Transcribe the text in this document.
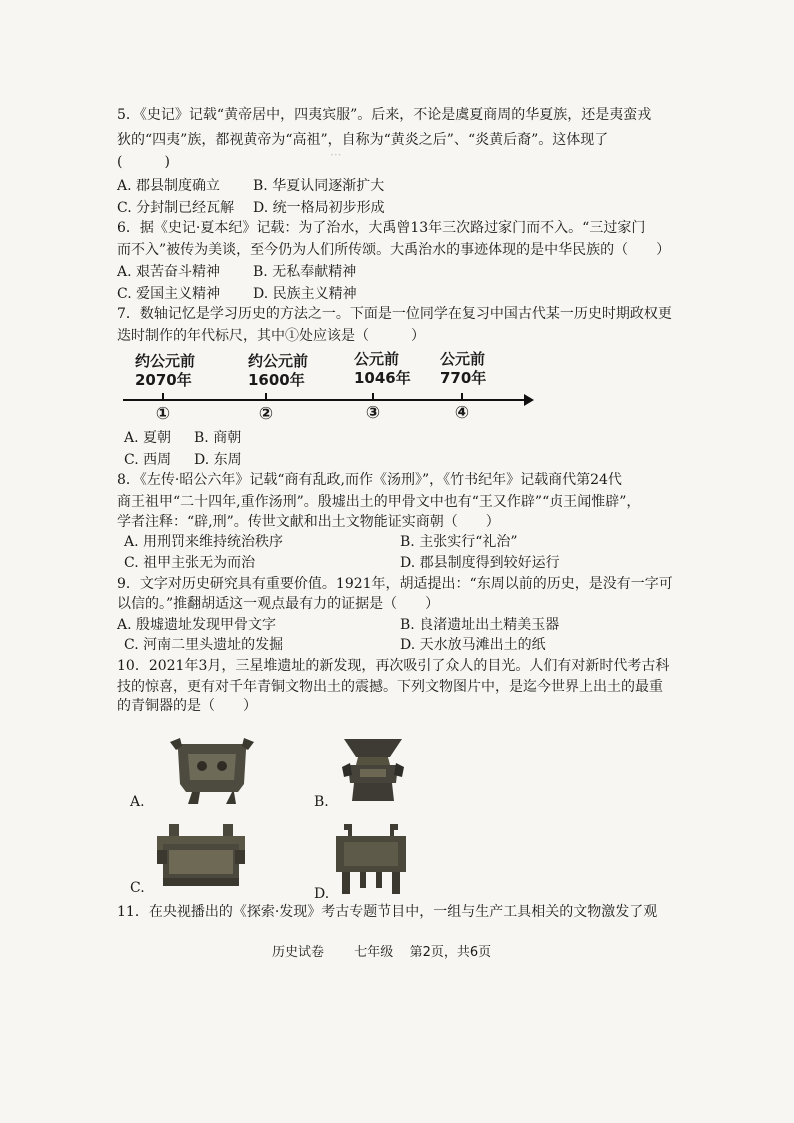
···
5．《史记》记载“黄帝居中，四夷宾服”。后来，不论是虞夏商周的华夏族，还是夷蛮戎
狄的“四夷”族，都视黄帝为“高祖”，自称为“黄炎之后”、“炎黄后裔”。这体现了
(　　　)
A. 郡县制度确立 B. 华夏认同逐渐扩大
C. 分封制已经瓦解 D. 统一格局初步形成
6．据《史记·夏本纪》记载：为了治水，大禹曾13年三次路过家门而不入。“三过家门
而不入”被传为美谈，至今仍为人们所传颂。大禹治水的事迹体现的是中华民族的（　　）
A. 艰苦奋斗精神 B. 无私奉献精神
C. 爱国主义精神 D. 民族主义精神
7．数轴记忆是学习历史的方法之一。下面是一位同学在复习中国古代某一历史时期政权更
迭时制作的年代标尺，其中①处应该是（　　　）
约公元前
2070年
约公元前
1600年
公元前
1046年
公元前
770年
①	②	③	④
A. 夏朝 B. 商朝
C. 西周 D. 东周
8．《左传·昭公六年》记载“商有乱政,而作《汤刑》”，《竹书纪年》记载商代第24代
商王祖甲“二十四年,重作汤刑”。殷墟出土的甲骨文中也有“王又作辟”“贞王闻惟辟”，
学者注释：“辟,刑”。传世文献和出土文物能证实商朝（　　）
A. 用刑罚来维持统治秩序	B. 主张实行“礼治”
C. 祖甲主张无为而治	D. 郡县制度得到较好运行
9．文字对历史研究具有重要价值。1921年，胡适提出：“东周以前的历史，是没有一字可
以信的。”推翻胡适这一观点最有力的证据是（　　）
A. 殷墟遗址发现甲骨文字	B. 良渚遗址出土精美玉器
C. 河南二里头遗址的发掘	D. 天水放马滩出土的纸
10．2021年3月，三星堆遗址的新发现，再次吸引了众人的目光。人们有对新时代考古科
技的惊喜，更有对千年青铜文物出土的震撼。下列文物图片中，是迄今世界上出土的最重
的青铜器的是（　　）
A.	B.
C.	D.
11．在央视播出的《探索·发现》考古专题节目中，一组与生产工具相关的文物激发了观
历史试卷 七年级 第2页，共6页
